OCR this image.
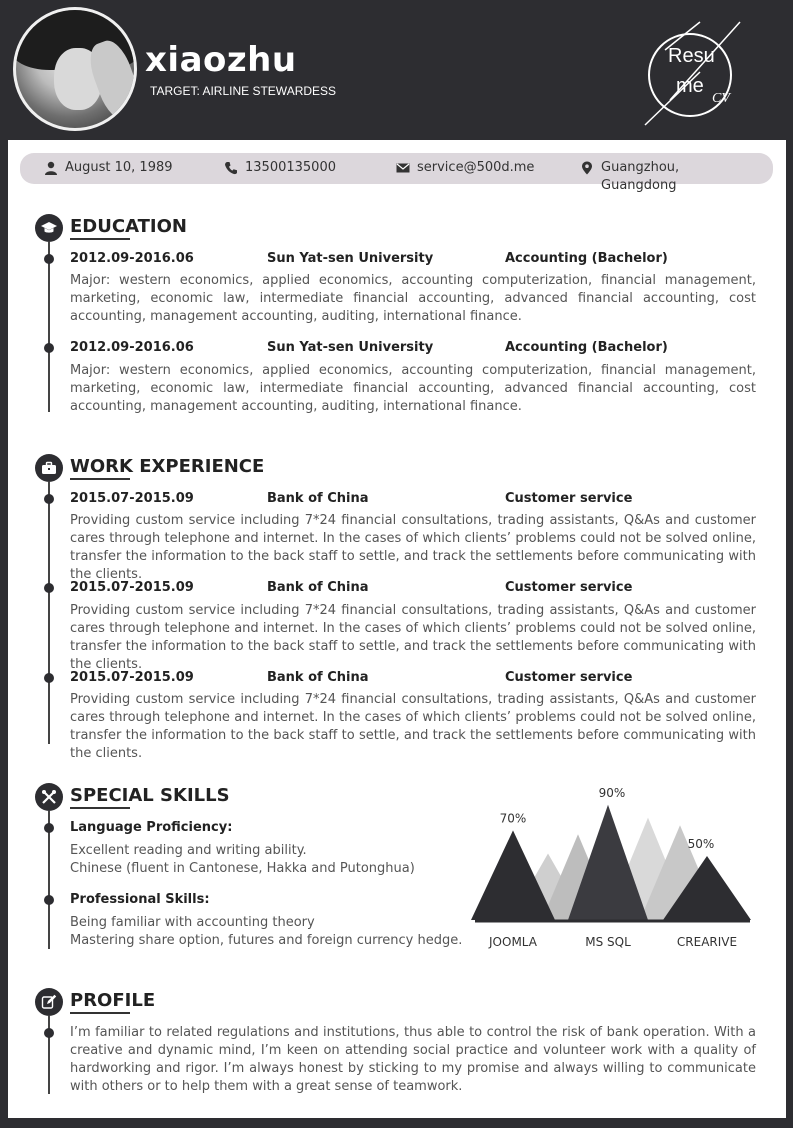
xiaozhu
TARGET: AIRLINE STEWARDESS
Resu
me
CV
August 10, 1989	13500135000	service@500d.me	Guangzhou,
Guangdong
EDUCATION
2012.09-2016.06	Sun Yat-sen University	Accounting (Bachelor)
Major: western economics, applied economics, accounting computerization, financial management, marketing, economic law, intermediate financial accounting, advanced financial accounting, cost accounting, management accounting, auditing, international finance.
2012.09-2016.06	Sun Yat-sen University	Accounting (Bachelor)
Major: western economics, applied economics, accounting computerization, financial management, marketing, economic law, intermediate financial accounting, advanced financial accounting, cost accounting, management accounting, auditing, international finance.
WORK EXPERIENCE
2015.07-2015.09	Bank of China	Customer service
Providing custom service including 7*24 financial consultations, trading assistants, Q&As and customer cares through telephone and internet. In the cases of which clients’ problems could not be solved online, transfer the information to the back staff to settle, and track the settlements before communicating with the clients.
2015.07-2015.09	Bank of China	Customer service
Providing custom service including 7*24 financial consultations, trading assistants, Q&As and customer cares through telephone and internet. In the cases of which clients’ problems could not be solved online, transfer the information to the back staff to settle, and track the settlements before communicating with the clients.
2015.07-2015.09	Bank of China	Customer service
Providing custom service including 7*24 financial consultations, trading assistants, Q&As and customer cares through telephone and internet. In the cases of which clients’ problems could not be solved online, transfer the information to the back staff to settle, and track the settlements before communicating with the clients.
SPECIAL SKILLS
Language Proficiency:
Excellent reading and writing ability.
Chinese (fluent in Cantonese, Hakka and Putonghua)
Professional Skills:
Being familiar with accounting theory
Mastering share option, futures and foreign currency hedge.
70%
90%
50%
JOOMLA	MS SQL	CREARIVE
PROFILE
I’m familiar to related regulations and institutions, thus able to control the risk of bank operation. With a creative and dynamic mind, I’m keen on attending social practice and volunteer work with a quality of hardworking and rigor. I’m always honest by sticking to my promise and always willing to communicate with others or to help them with a great sense of teamwork.
